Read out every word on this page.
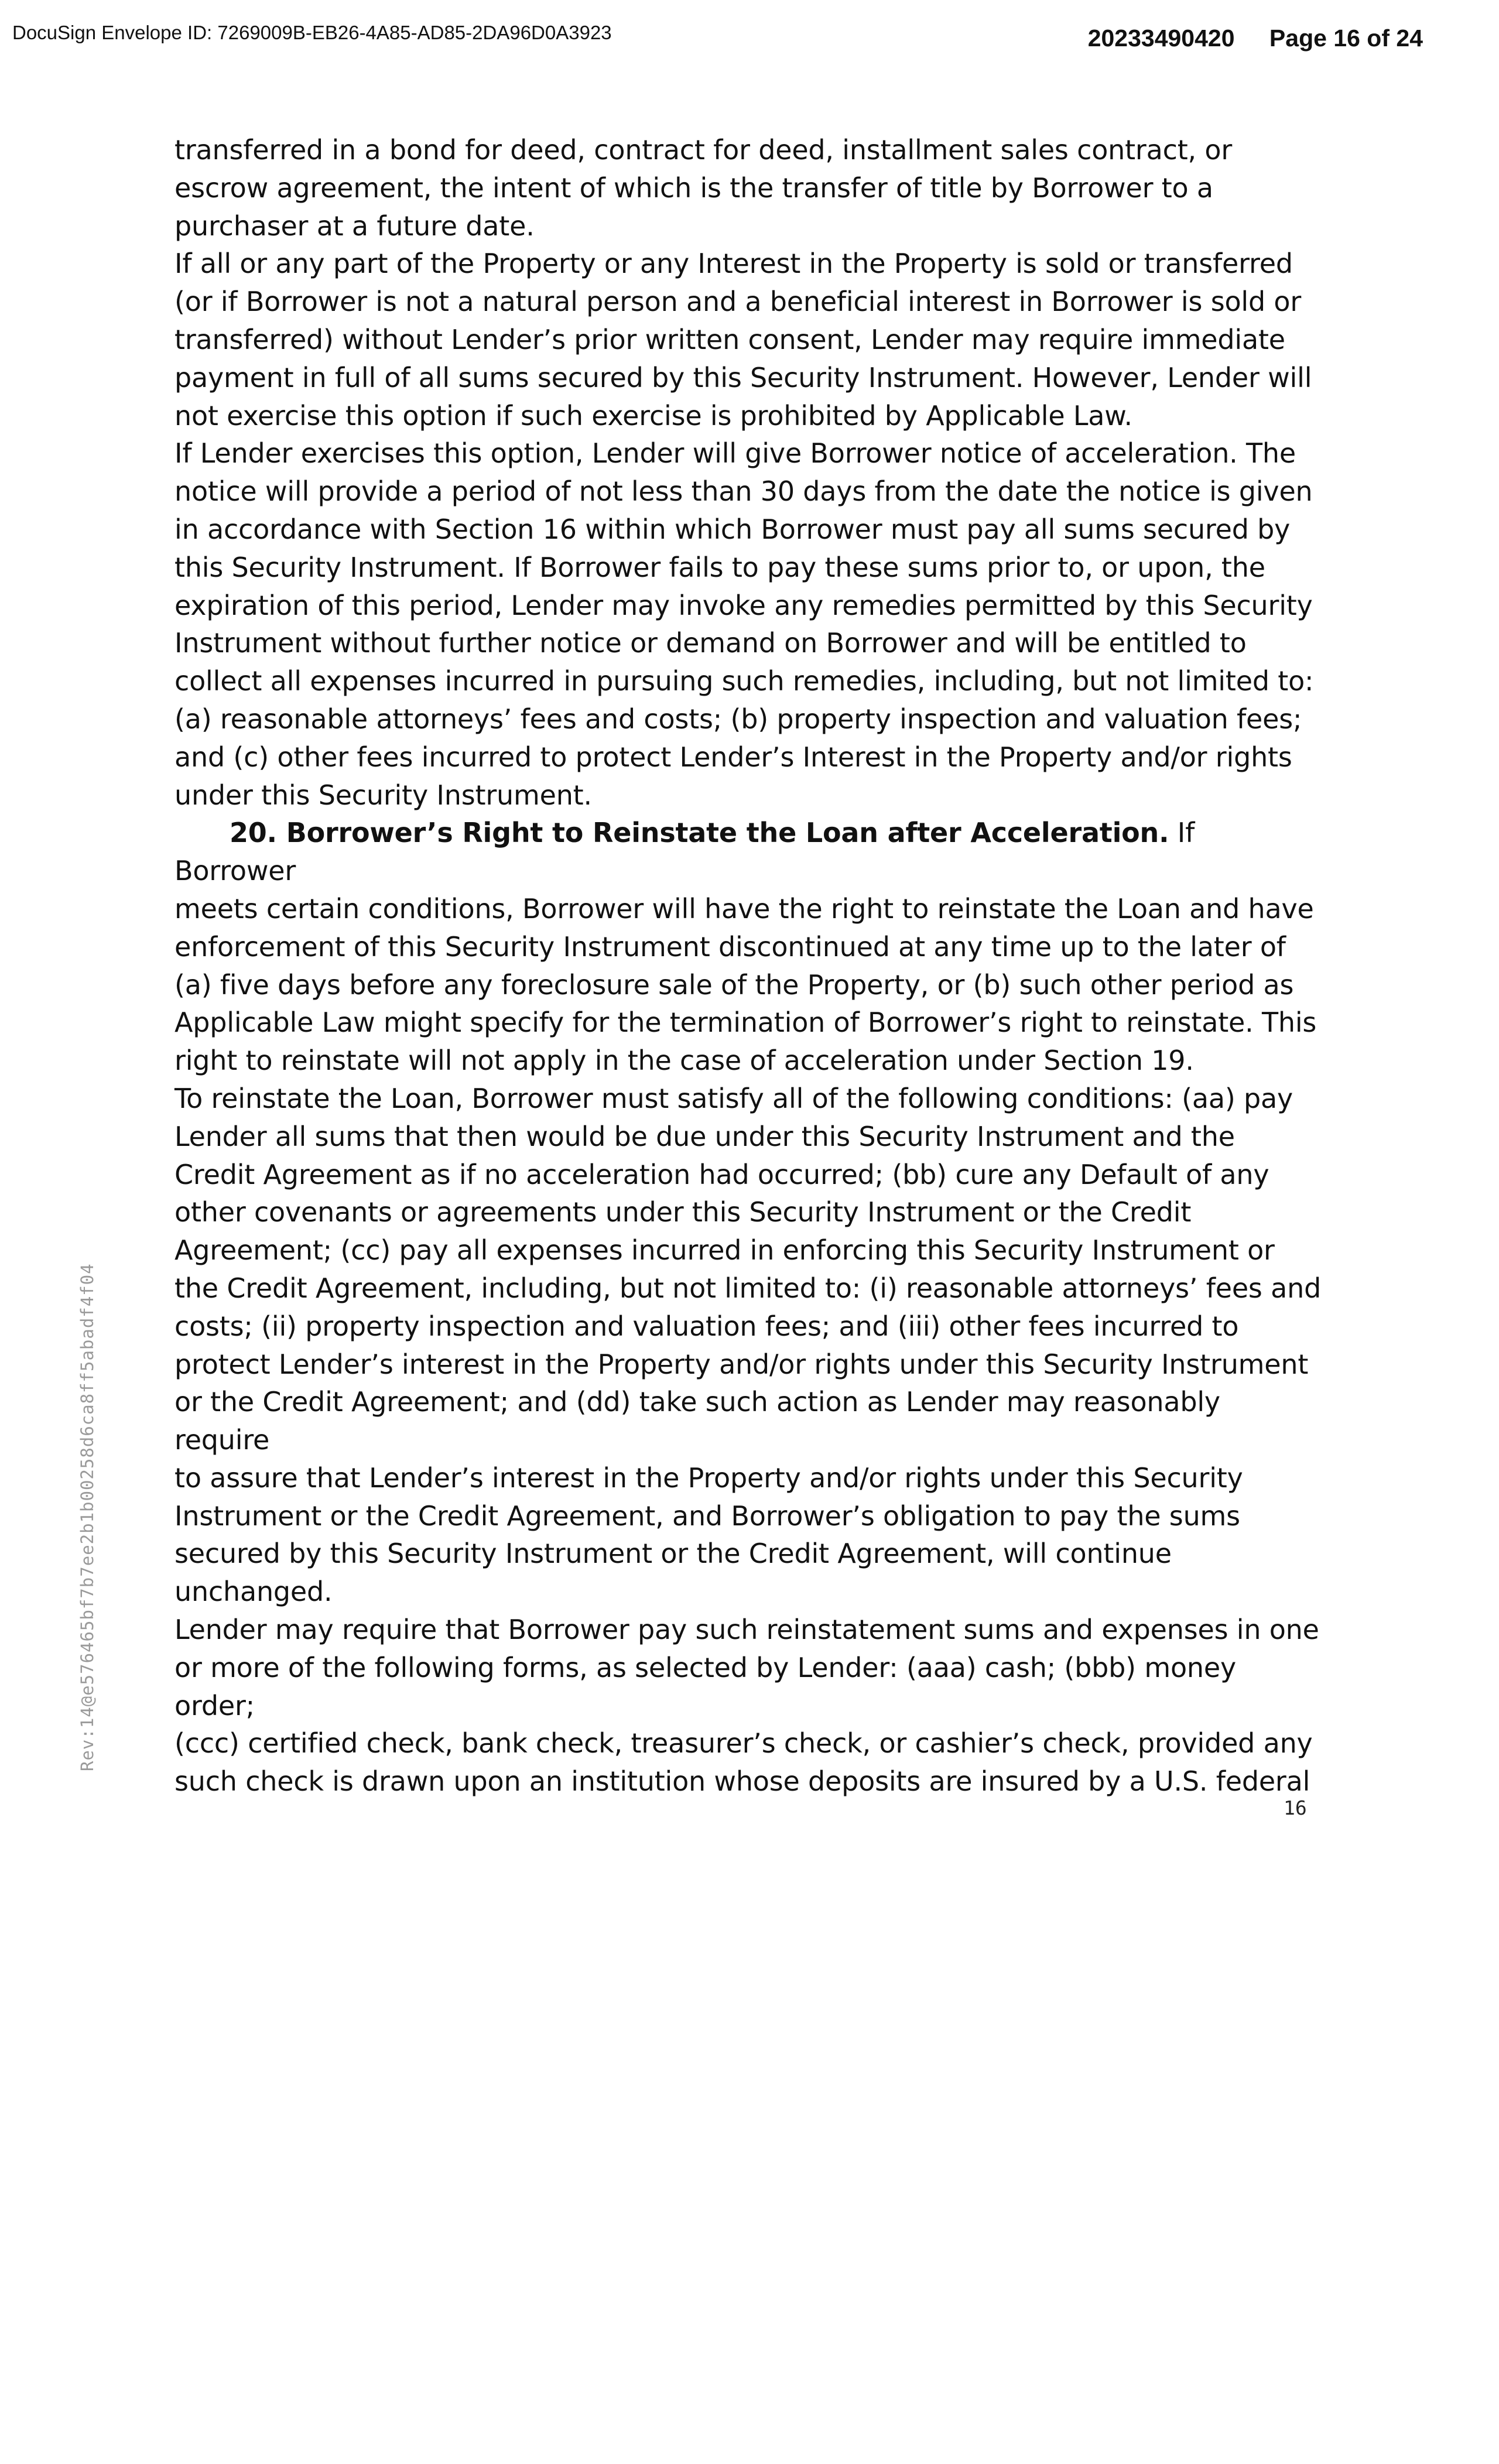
DocuSign Envelope ID: 7269009B-EB26-4A85-AD85-2DA96D0A3923	20233490420 Page 16 of 24

transferred in a bond for deed, contract for deed, installment sales contract, or
escrow agreement, the intent of which is the transfer of title by Borrower to a
purchaser at a future date.

If all or any part of the Property or any Interest in the Property is sold or transferred
(or if Borrower is not a natural person and a beneficial interest in Borrower is sold or
transferred) without Lender’s prior written consent, Lender may require immediate
payment in full of all sums secured by this Security Instrument. However, Lender will
not exercise this option if such exercise is prohibited by Applicable Law.

If Lender exercises this option, Lender will give Borrower notice of acceleration. The
notice will provide a period of not less than 30 days from the date the notice is given
in accordance with Section 16 within which Borrower must pay all sums secured by
this Security Instrument. If Borrower fails to pay these sums prior to, or upon, the
expiration of this period, Lender may invoke any remedies permitted by this Security
Instrument without further notice or demand on Borrower and will be entitled to
collect all expenses incurred in pursuing such remedies, including, but not limited to:
(a) reasonable attorneys’ fees and costs; (b) property inspection and valuation fees;
and (c) other fees incurred to protect Lender’s Interest in the Property and/or rights
under this Security Instrument.

20. Borrower’s Right to Reinstate the Loan after Acceleration. If Borrower
meets certain conditions, Borrower will have the right to reinstate the Loan and have
enforcement of this Security Instrument discontinued at any time up to the later of
(a) five days before any foreclosure sale of the Property, or (b) such other period as
Applicable Law might specify for the termination of Borrower’s right to reinstate. This
right to reinstate will not apply in the case of acceleration under Section 19.

To reinstate the Loan, Borrower must satisfy all of the following conditions: (aa) pay
Lender all sums that then would be due under this Security Instrument and the
Credit Agreement as if no acceleration had occurred; (bb) cure any Default of any
other covenants or agreements under this Security Instrument or the Credit
Agreement; (cc) pay all expenses incurred in enforcing this Security Instrument or
the Credit Agreement, including, but not limited to: (i) reasonable attorneys’ fees and
costs; (ii) property inspection and valuation fees; and (iii) other fees incurred to
protect Lender’s interest in the Property and/or rights under this Security Instrument
or the Credit Agreement; and (dd) take such action as Lender may reasonably require
to assure that Lender’s interest in the Property and/or rights under this Security
Instrument or the Credit Agreement, and Borrower’s obligation to pay the sums
secured by this Security Instrument or the Credit Agreement, will continue
unchanged.

Lender may require that Borrower pay such reinstatement sums and expenses in one
or more of the following forms, as selected by Lender: (aaa) cash; (bbb) money order;
(ccc) certified check, bank check, treasurer’s check, or cashier’s check, provided any
such check is drawn upon an institution whose deposits are insured by a U.S. federal

Rev:14@e576465bf7b7ee2b1b00258d6ca8ff5abadf4f04
16
